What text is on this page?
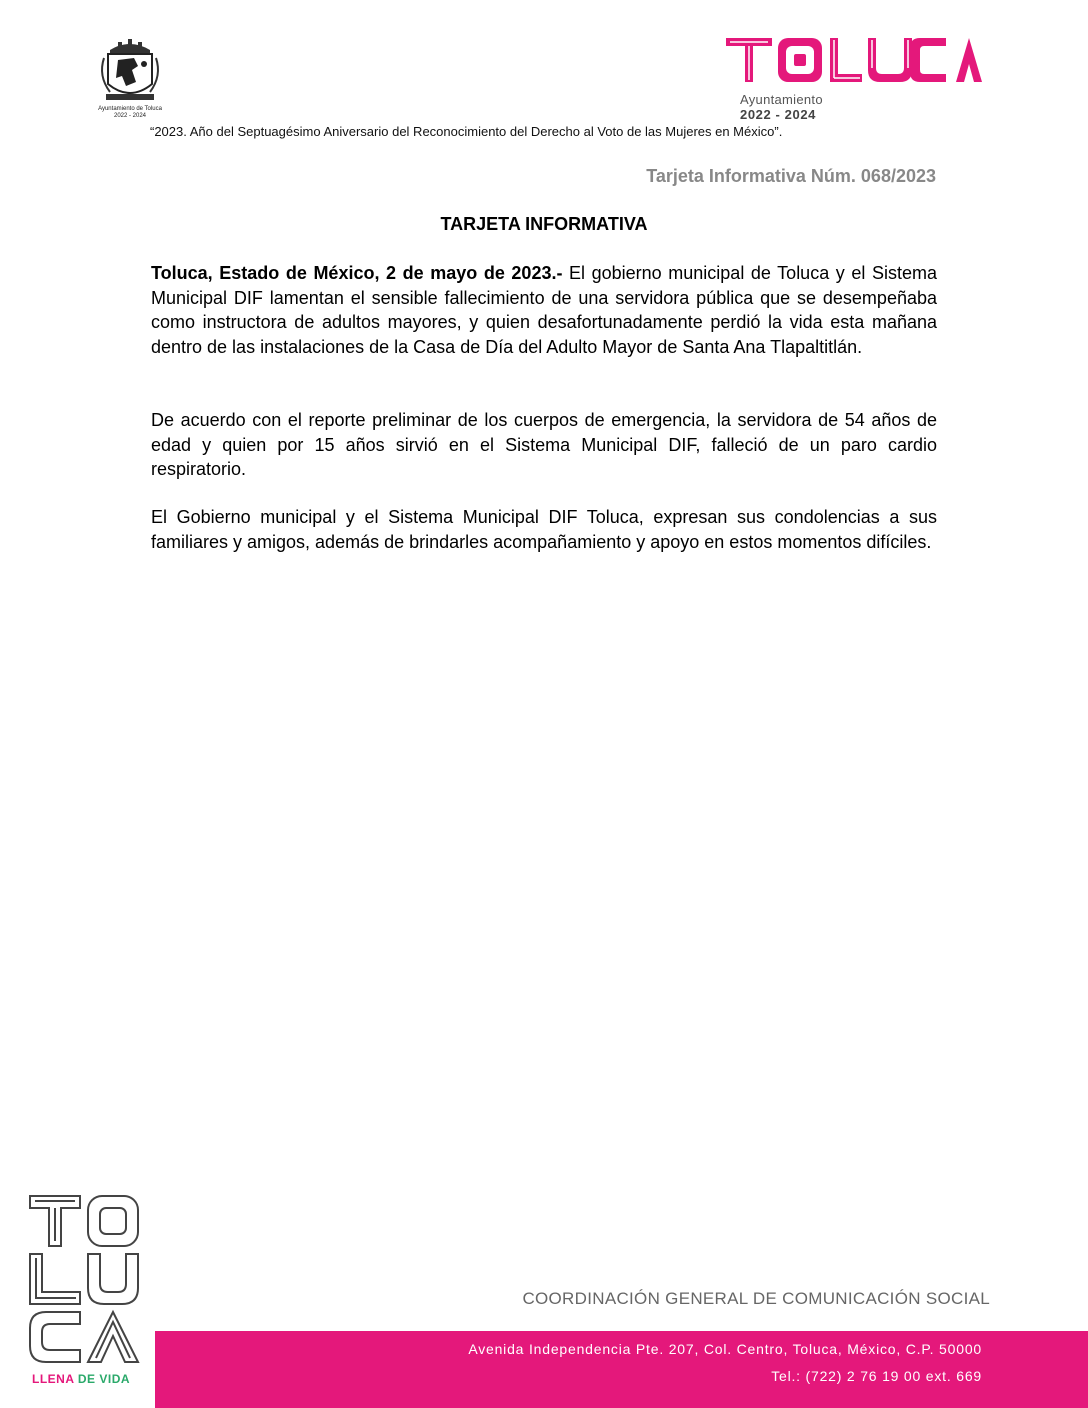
Ayuntamiento de Toluca
2022 - 2024
Ayuntamiento
2022 - 2024
“2023. Año del Septuagésimo Aniversario del Reconocimiento del Derecho al Voto de las Mujeres en México”.
Tarjeta Informativa Núm. 068/2023
TARJETA INFORMATIVA
Toluca, Estado de México, 2 de mayo de 2023.- El gobierno municipal de Toluca y el Sistema Municipal DIF lamentan el sensible fallecimiento de una servidora pública que se desempeñaba como instructora de adultos mayores, y quien desafortunadamente perdió la vida esta mañana dentro de las instalaciones de la Casa de Día del Adulto Mayor de Santa Ana Tlapaltitlán.
De acuerdo con el reporte preliminar de los cuerpos de emergencia, la servidora de 54 años de edad y quien por 15 años sirvió en el Sistema Municipal DIF, falleció de un paro cardio respiratorio.
El Gobierno municipal y el Sistema Municipal DIF Toluca, expresan sus condolencias a sus familiares y amigos, además de brindarles acompañamiento y apoyo en estos momentos difíciles.
LLENA DE VIDA
COORDINACIÓN GENERAL DE COMUNICACIÓN SOCIAL
Avenida Independencia Pte. 207, Col. Centro, Toluca, México, C.P. 50000
Tel.: (722) 2 76 19 00 ext. 669
